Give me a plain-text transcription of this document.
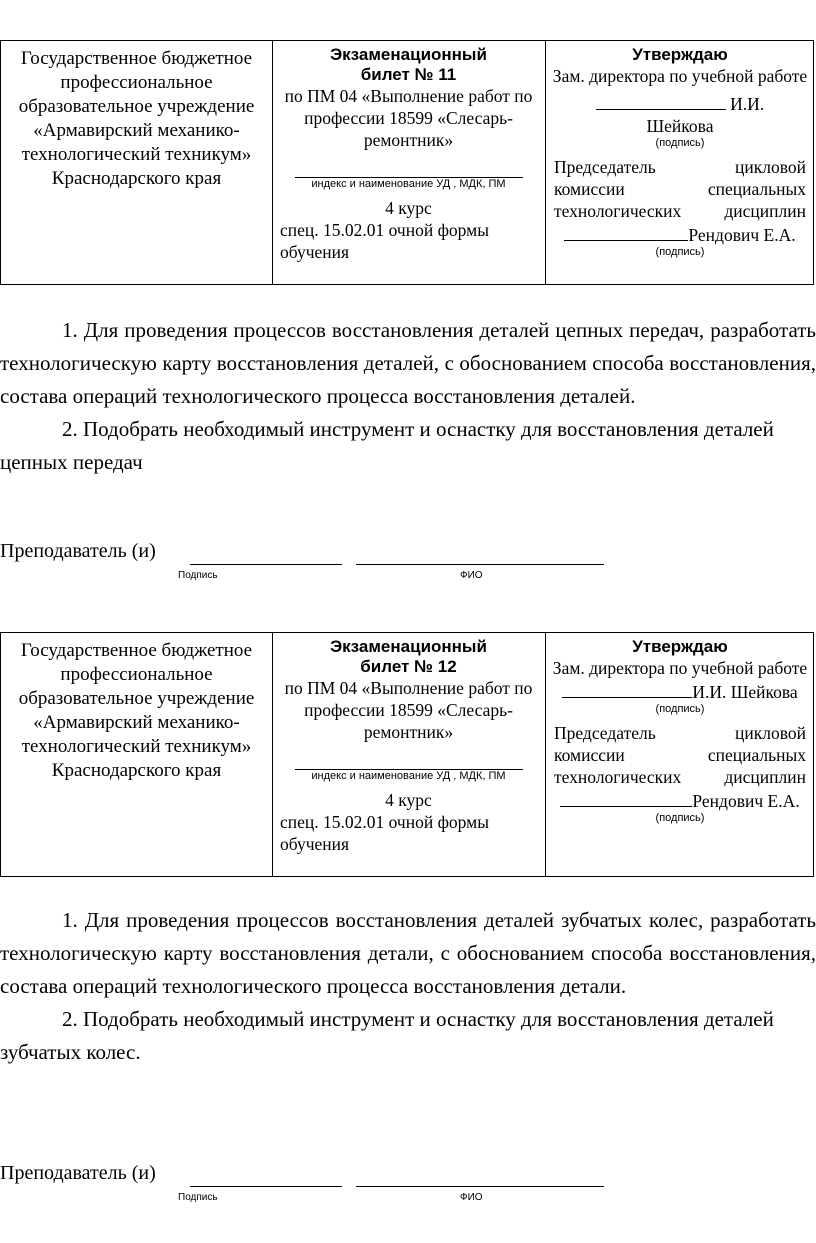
Государственное бюджетное профессиональное образовательное учреждение «Армавирский механико-технологический техникум» Краснодарского края
Экзаменационный
билет № 11
по ПМ 04 «Выполнение работ по профессии 18599 «Слесарь-ремонтник»
индекс и наименование УД , МДК, ПМ
4 курс
спец. 15.02.01 очной формы обучения
Утверждаю
Зам. директора по учебной работе
И.И. Шейкова
(подпись)
Председатель цикловой комиссии специальных технологических дисциплин
Рендович Е.А.
(подпись)

1. Для проведения процессов восстановления деталей цепных передач, разработать технологическую карту восстановления деталей, с обоснованием способа восстановления, состава операций технологического процесса восстановления деталей.

2. Подобрать необходимый инструмент и оснастку для восстановления деталей цепных передач

Преподаватель (и)
Подпись	ФИО
Государственное бюджетное профессиональное образовательное учреждение «Армавирский механико-технологический техникум» Краснодарского края
Экзаменационный
билет № 12
по ПМ 04 «Выполнение работ по профессии 18599 «Слесарь-ремонтник»
индекс и наименование УД , МДК, ПМ
4 курс
спец. 15.02.01 очной формы обучения
Утверждаю
Зам. директора по учебной работе
И.И. Шейкова
(подпись)
Председатель цикловой комиссии специальных технологических дисциплин
Рендович Е.А.
(подпись)

1. Для проведения процессов восстановления деталей зубчатых колес, разработать технологическую карту восстановления детали, с обоснованием способа восстановления, состава операций технологического процесса восстановления детали.

2. Подобрать необходимый инструмент и оснастку для восстановления деталей зубчатых колес.

Преподаватель (и)
Подпись	ФИО
